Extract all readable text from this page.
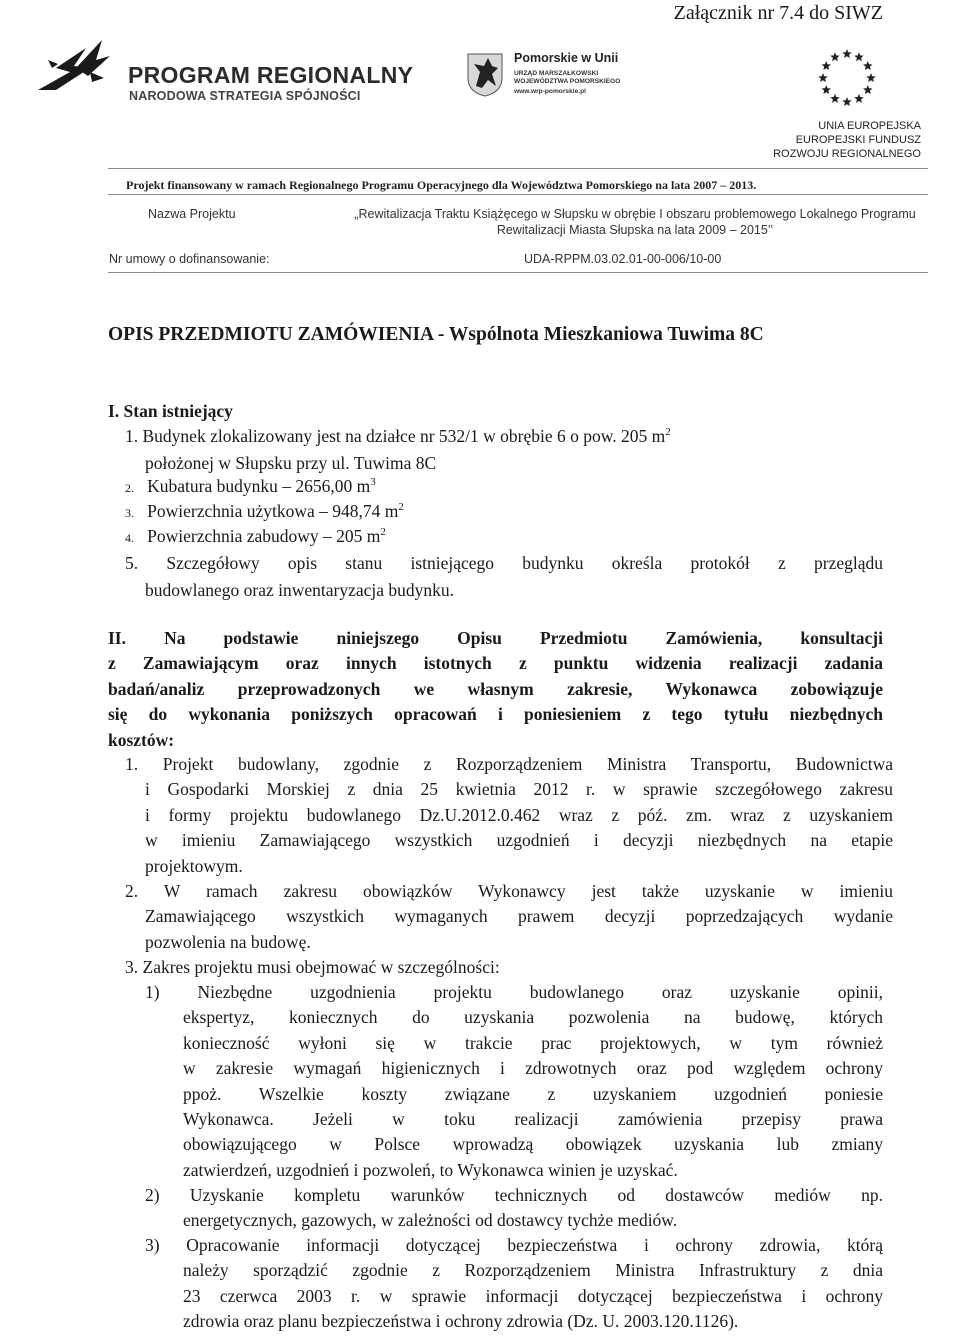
Załącznik nr 7.4 do SIWZ
PROGRAM REGIONALNY
NARODOWA STRATEGIA SPÓJNOŚCI
Pomorskie w Unii
URZĄD MARSZAŁKOWSKI
WOJEWÓDZTWA POMORSKIEGO
www.wrp-pomorskie.pl
UNIA EUROPEJSKA
EUROPEJSKI FUNDUSZ
ROZWOJU REGIONALNEGO
Projekt finansowany w ramach Regionalnego Programu Operacyjnego dla Województwa Pomorskiego na lata 2007 – 2013.
Nazwa Projektu	„Rewitalizacja Traktu Książęcego w Słupsku w obrębie I obszaru problemowego Lokalnego Programu
Rewitalizacji Miasta Słupska na lata 2009 – 2015’’
Nr umowy o dofinansowanie:	UDA-RPPM.03.02.01-00-006/10-00
OPIS PRZEDMIOTU ZAMÓWIENIA - Wspólnota Mieszkaniowa Tuwima 8C
I. Stan istniejący
1. Budynek zlokalizowany jest na działce nr 532/1 w obrębie 6 o pow. 205 $m^2$
położonej w Słupsku przy ul. Tuwima 8C
2. Kubatura budynku – 2656,00 $m^3$
3. Powierzchnia użytkowa – 948,74 $m^2$
4. Powierzchnia zabudowy – 205 $m^2$
5. Szczegółowy opis stanu istniejącego budynku określa protokół z przeglądu
budowlanego oraz inwentaryzacja budynku.
II. Na podstawie niniejszego Opisu Przedmiotu Zamówienia, konsultacji
z Zamawiającym oraz innych istotnych z punktu widzenia realizacji zadania
badań/analiz przeprowadzonych we własnym zakresie, Wykonawca zobowiązuje
się do wykonania poniższych opracowań i poniesieniem z tego tytułu niezbędnych
kosztów:
1. Projekt budowlany, zgodnie z Rozporządzeniem Ministra Transportu, Budownictwa
i Gospodarki Morskiej z dnia 25 kwietnia 2012 r. w sprawie szczegółowego zakresu
i formy projektu budowlanego Dz.U.2012.0.462 wraz z póź. zm. wraz z uzyskaniem
w imieniu Zamawiającego wszystkich uzgodnień i decyzji niezbędnych na etapie
projektowym.
2. W ramach zakresu obowiązków Wykonawcy jest także uzyskanie w imieniu
Zamawiającego wszystkich wymaganych prawem decyzji poprzedzających wydanie
pozwolenia na budowę.
3. Zakres projektu musi obejmować w szczególności:
1) Niezbędne uzgodnienia projektu budowlanego oraz uzyskanie opinii,
ekspertyz, koniecznych do uzyskania pozwolenia na budowę, których
konieczność wyłoni się w trakcie prac projektowych, w tym również
w zakresie wymagań higienicznych i zdrowotnych oraz pod względem ochrony
ppoż. Wszelkie koszty związane z uzyskaniem uzgodnień poniesie
Wykonawca. Jeżeli w toku realizacji zamówienia przepisy prawa
obowiązującego w Polsce wprowadzą obowiązek uzyskania lub zmiany
zatwierdzeń, uzgodnień i pozwoleń, to Wykonawca winien je uzyskać.
2) Uzyskanie kompletu warunków technicznych od dostawców mediów np.
energetycznych, gazowych, w zależności od dostawcy tychże mediów.
3) Opracowanie informacji dotyczącej bezpieczeństwa i ochrony zdrowia, którą
należy sporządzić zgodnie z Rozporządzeniem Ministra Infrastruktury z dnia
23 czerwca 2003 r. w sprawie informacji dotyczącej bezpieczeństwa i ochrony
zdrowia oraz planu bezpieczeństwa i ochrony zdrowia (Dz. U. 2003.120.1126).
